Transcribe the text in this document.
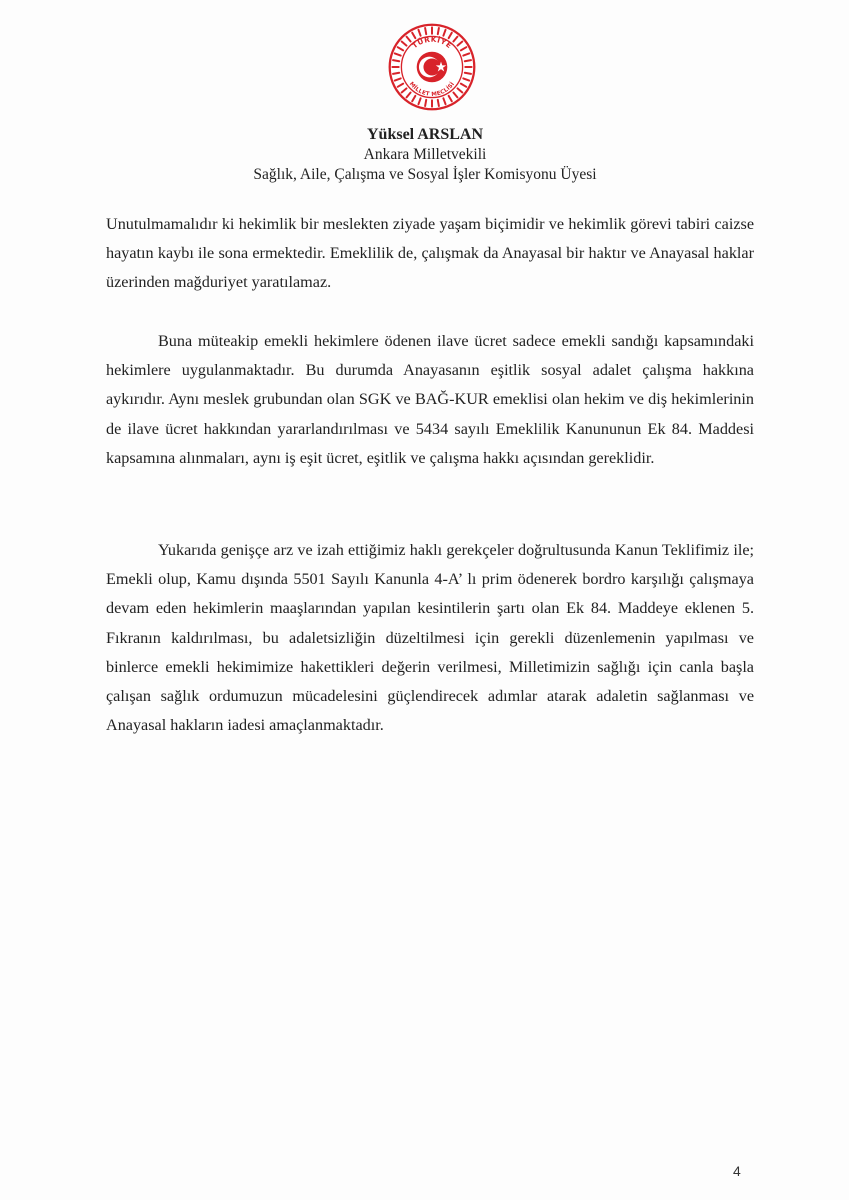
TÜRKİYE
MİLLET MECLİSİ
Yüksel ARSLAN
Ankara Milletvekili
Sağlık, Aile, Çalışma ve Sosyal İşler Komisyonu Üyesi
Unutulmamalıdır ki hekimlik bir meslekten ziyade yaşam biçimidir ve hekimlik görevi tabiri caizse hayatın kaybı ile sona ermektedir. Emeklilik de, çalışmak da Anayasal bir haktır ve Anayasal haklar üzerinden mağduriyet yaratılamaz.
Buna müteakip emekli hekimlere ödenen ilave ücret sadece emekli sandığı kapsamındaki hekimlere uygulanmaktadır. Bu durumda Anayasanın eşitlik sosyal adalet çalışma hakkına aykırıdır. Aynı meslek grubundan olan SGK ve BAĞ-KUR emeklisi olan hekim ve diş hekimlerinin de ilave ücret hakkından yararlandırılması ve 5434 sayılı Emeklilik Kanununun Ek 84. Maddesi kapsamına alınmaları, aynı iş eşit ücret, eşitlik ve çalışma hakkı açısından gereklidir.
Yukarıda genişçe arz ve izah ettiğimiz haklı gerekçeler doğrultusunda Kanun Teklifimiz ile; Emekli olup, Kamu dışında 5501 Sayılı Kanunla 4-A’ lı prim ödenerek bordro karşılığı çalışmaya devam eden hekimlerin maaşlarından yapılan kesintilerin şartı olan Ek 84. Maddeye eklenen 5. Fıkranın kaldırılması, bu adaletsizliğin düzeltilmesi için gerekli düzenlemenin yapılması ve binlerce emekli hekimimize hakettikleri değerin verilmesi, Milletimizin sağlığı için canla başla çalışan sağlık ordumuzun mücadelesini güçlendirecek adımlar atarak adaletin sağlanması ve Anayasal hakların iadesi amaçlanmaktadır.
4
